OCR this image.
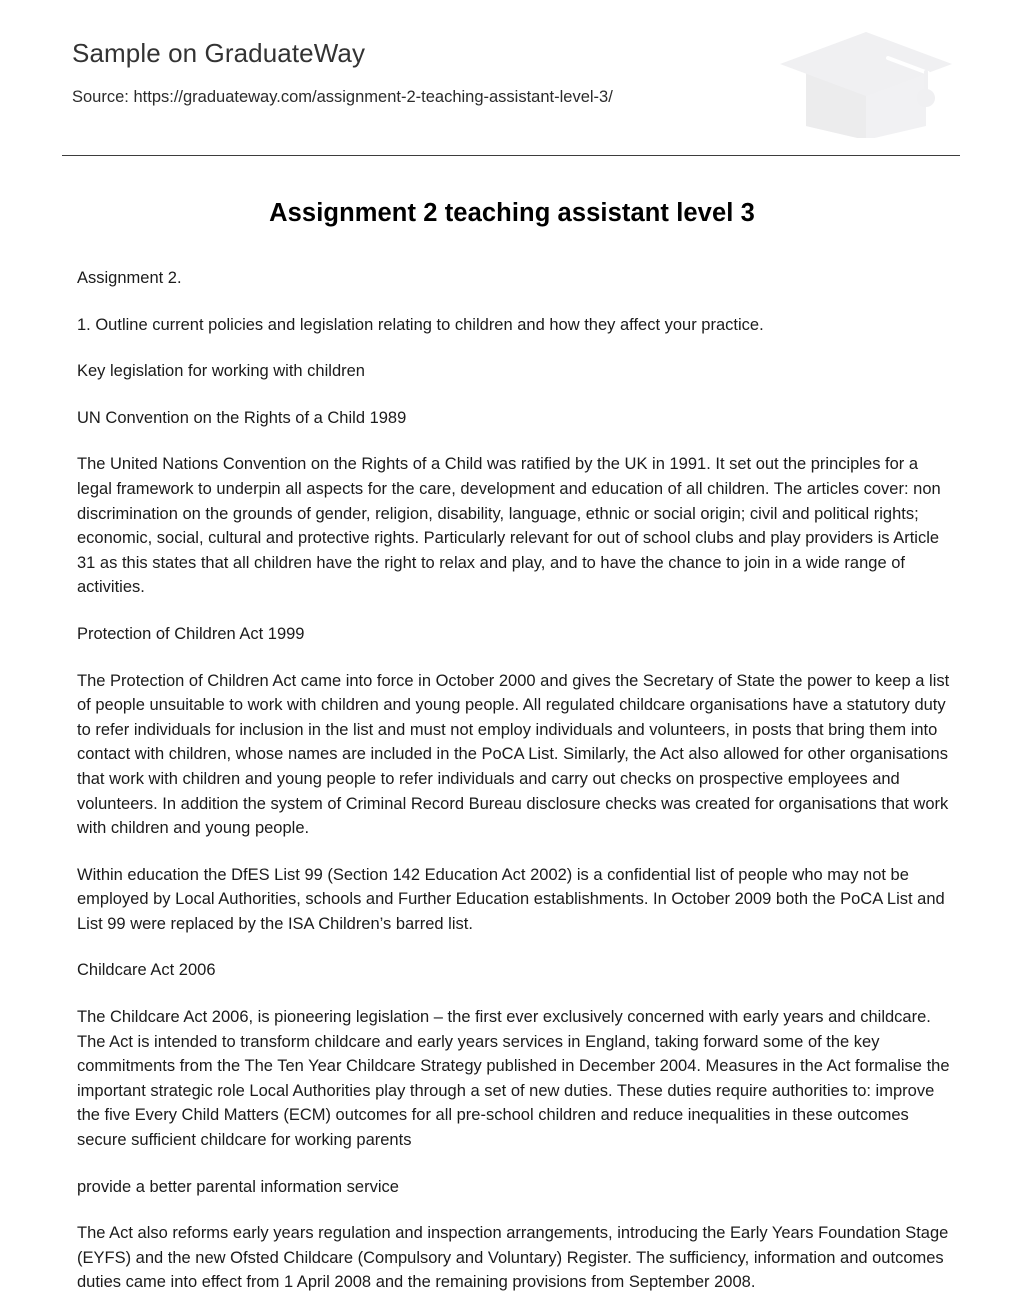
Sample on GraduateWay
Source: https://graduateway.com/assignment-2-teaching-assistant-level-3/
Assignment 2 teaching assistant level 3

Assignment 2.

1. Outline current policies and legislation relating to children and how they affect your practice.

Key legislation for working with children

UN Convention on the Rights of a Child 1989

The United Nations Convention on the Rights of a Child was ratified by the UK in 1991. It set out the principles for a legal framework to underpin all aspects for the care, development and education of all children. The articles cover: non discrimination on the grounds of gender, religion, disability, language, ethnic or social origin; civil and political rights; economic, social, cultural and protective rights. Particularly relevant for out of school clubs and play providers is Article 31 as this states that all children have the right to relax and play, and to have the chance to join in a wide range of activities.

Protection of Children Act 1999

The Protection of Children Act came into force in October 2000 and gives the Secretary of State the power to keep a list of people unsuitable to work with children and young people. All regulated childcare organisations have a statutory duty to refer individuals for inclusion in the list and must not employ individuals and volunteers, in posts that bring them into contact with children, whose names are included in the PoCA List. Similarly, the Act also allowed for other organisations that work with children and young people to refer individuals and carry out checks on prospective employees and volunteers. In addition the system of Criminal Record Bureau disclosure checks was created for organisations that work with children and young people.

Within education the DfES List 99 (Section 142 Education Act 2002) is a confidential list of people who may not be employed by Local Authorities, schools and Further Education establishments. In October 2009 both the PoCA List and List 99 were replaced by the ISA Children’s barred list.

Childcare Act 2006

The Childcare Act 2006, is pioneering legislation – the first ever exclusively concerned with early years and childcare. The Act is intended to transform childcare and early years services in England, taking forward some of the key commitments from the The Ten Year Childcare Strategy published in December 2004. Measures in the Act formalise the important strategic role Local Authorities play through a set of new duties. These duties require authorities to: improve the five Every Child Matters (ECM) outcomes for all pre-school children and reduce inequalities in these outcomes secure sufficient childcare for working parents

provide a better parental information service

The Act also reforms early years regulation and inspection arrangements, introducing the Early Years Foundation Stage (EYFS) and the new Ofsted Childcare (Compulsory and Voluntary) Register. The sufficiency, information and outcomes duties came into effect from 1 April 2008 and the remaining provisions from September 2008.
